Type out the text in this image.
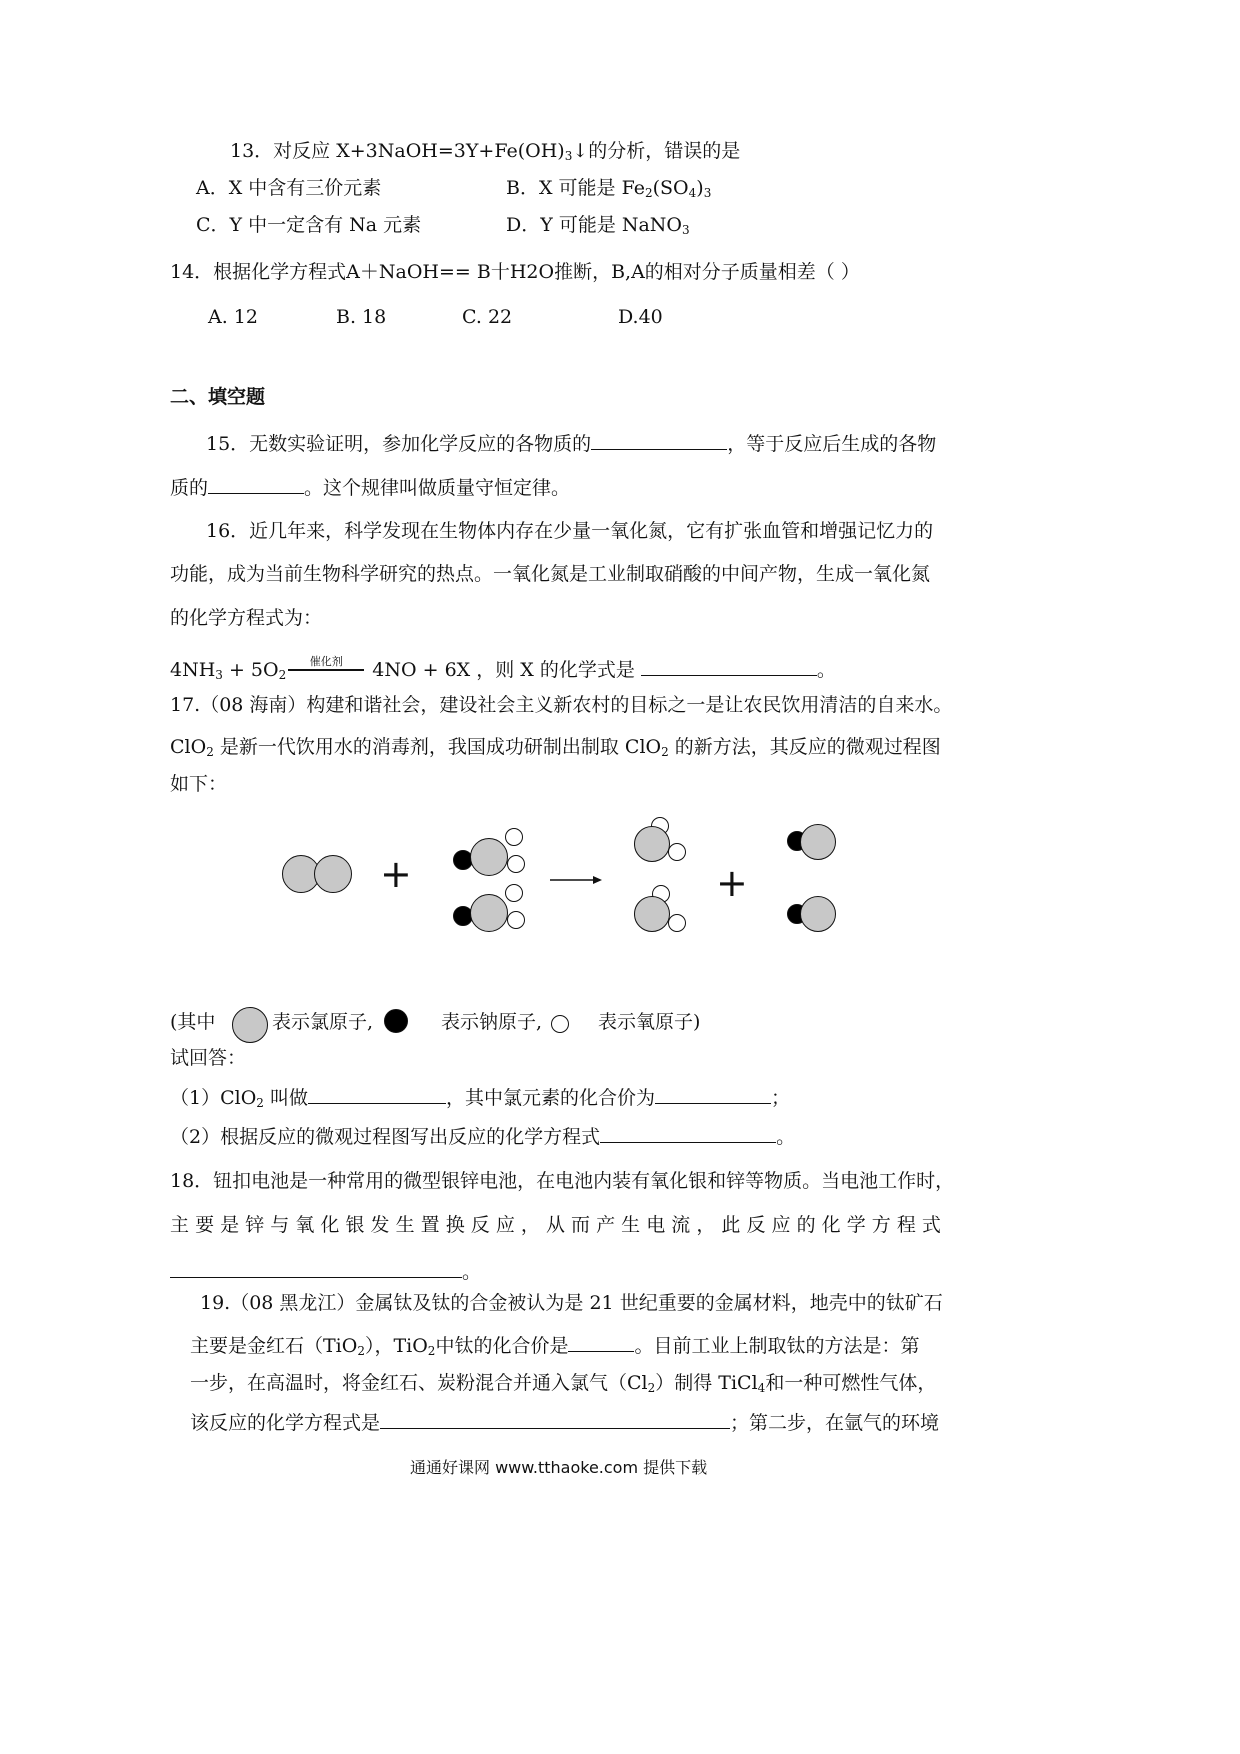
13．对反应 $X+3NaOH=3Y+Fe(OH)_3↓$的分析，错误的是
A．X 中含有三价元素	B．X 可能是 $Fe_2(SO_4)_3$
C．Y 中一定含有 Na 元素	D．Y 可能是 NaNO$_3$
14．根据化学方程式A＋NaOH== B十H2O推断，B,A的相对分子质量相差（ ）
A. 12	B. 18	C. 22	D.40
二、填空题
15．无数实验证明，参加化学反应的各物质的	，等于反应后生成的各物
质的	。这个规律叫做质量守恒定律。
16．近几年来，科学发现在生物体内存在少量一氧化氮，它有扩张血管和增强记忆力的
功能，成为当前生物科学研究的热点。一氧化氮是工业制取硝酸的中间产物，生成一氧化氮
的化学方程式为：
$4NH_3 + 5O_2$
催化剂	4NO + 6X ，则 X 的化学式是	。
17.（08 海南）构建和谐社会，建设社会主义新农村的目标之一是让农民饮用清洁的自来水。
ClO$_2$ 是新一代饮用水的消毒剂，我国成功研制出制取 ClO$_2$ 的新方法，其反应的微观过程图
如下：
+	+
(其中	表示氯原子,	表示钠原子,	表示氧原子)
试回答：
（1）ClO$_2$ 叫做	，其中氯元素的化合价为	；
（2）根据反应的微观过程图写出反应的化学方程式	。
18．钮扣电池是一种常用的微型银锌电池，在电池内装有氧化银和锌等物质。当电池工作时，
主 要 是 锌 与 氧 化 银 发 生 置 换 反 应 ， 从 而 产 生 电 流 ， 此 反 应 的 化 学 方 程 式
。
19.（08 黑龙江）金属钛及钛的合金被认为是 21 世纪重要的金属材料，地壳中的钛矿石
主要是金红石（TiO$_2$），TiO$_2$中钛的化合价是	。目前工业上制取钛的方法是：第
一步，在高温时，将金红石、炭粉混合并通入氯气$(Cl_2)$制得 TiCl$_4$和一种可燃性气体，
该反应的化学方程式是	；第二步，在氩气的环境
通通好课网 www.tthaoke.com 提供下载
